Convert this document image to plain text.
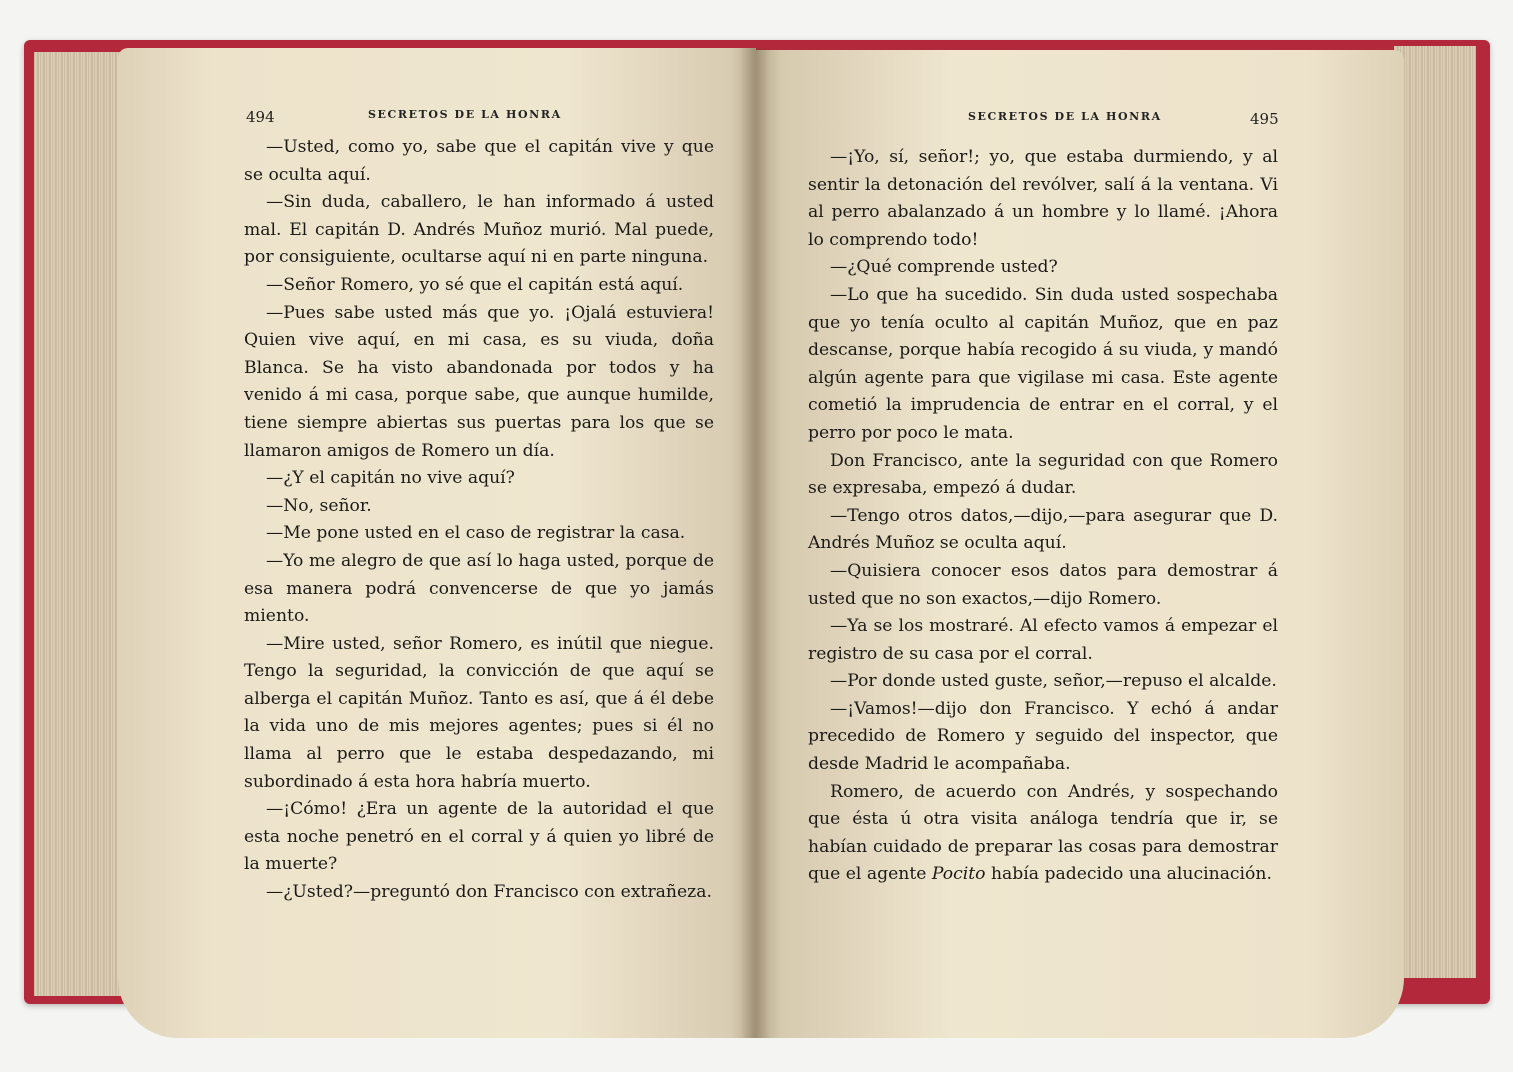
494	SECRETOS DE LA HONRA

—Usted, como yo, sabe que el capitán vive y que se oculta aquí.

—Sin duda, caballero, le han informado á usted mal. El capitán D. Andrés Muñoz murió. Mal puede, por consiguiente, ocultarse aquí ni en parte ninguna.

—Señor Romero, yo sé que el capitán está aquí.

—Pues sabe usted más que yo. ¡Ojalá estuviera! Quien vive aquí, en mi casa, es su viuda, doña Blanca. Se ha visto abandonada por todos y ha venido á mi casa, porque sabe, que aunque humilde, tiene siempre abiertas sus puertas para los que se llamaron amigos de Romero un día.

—¿Y el capitán no vive aquí?

—No, señor.

—Me pone usted en el caso de registrar la casa.

—Yo me alegro de que así lo haga usted, porque de esa manera podrá convencerse de que yo jamás miento.

—Mire usted, señor Romero, es inútil que niegue. Tengo la seguridad, la convicción de que aquí se alberga el capitán Muñoz. Tanto es así, que á él debe la vida uno de mis mejores agentes; pues si él no llama al perro que le estaba despedazando, mi subordinado á esta hora habría muerto.

—¡Cómo! ¿Era un agente de la autoridad el que esta noche penetró en el corral y á quien yo libré de la muerte?

—¿Usted?—preguntó don Francisco con extrañeza.

SECRETOS DE LA HONRA	495

—¡Yo, sí, señor!; yo, que estaba durmiendo, y al sentir la detonación del revólver, salí á la ventana. Vi al perro abalanzado á un hombre y lo llamé. ¡Ahora lo comprendo todo!

—¿Qué comprende usted?

—Lo que ha sucedido. Sin duda usted sospechaba que yo tenía oculto al capitán Muñoz, que en paz descanse, porque había recogido á su viuda, y mandó algún agente para que vigilase mi casa. Este agente cometió la imprudencia de entrar en el corral, y el perro por poco le mata.

Don Francisco, ante la seguridad con que Romero se expresaba, empezó á dudar.

—Tengo otros datos,—dijo,—para asegurar que D. Andrés Muñoz se oculta aquí.

—Quisiera conocer esos datos para demostrar á usted que no son exactos,—dijo Romero.

—Ya se los mostraré. Al efecto vamos á empezar el registro de su casa por el corral.

—Por donde usted guste, señor,—repuso el alcalde.

—¡Vamos!—dijo don Francisco. Y echó á andar precedido de Romero y seguido del inspector, que desde Madrid le acompañaba.

Romero, de acuerdo con Andrés, y sospechando que ésta ú otra visita análoga tendría que ir, se habían cuidado de preparar las cosas para demostrar que el agente Pocito había padecido una alucinación.
